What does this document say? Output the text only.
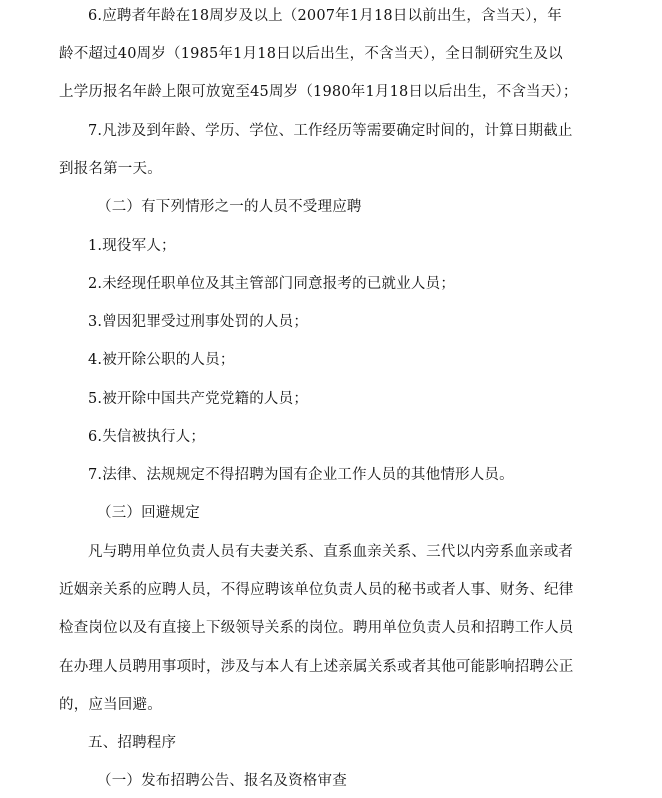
6.应聘者年龄在18周岁及以上（2007年1月18日以前出生，含当天），年
龄不超过40周岁（1985年1月18日以后出生，不含当天），全日制研究生及以
上学历报名年龄上限可放宽至45周岁（1980年1月18日以后出生，不含当天）；
7.凡涉及到年龄、学历、学位、工作经历等需要确定时间的，计算日期截止
到报名第一天。
（二）有下列情形之一的人员不受理应聘
1.现役军人；
2.未经现任职单位及其主管部门同意报考的已就业人员；
3.曾因犯罪受过刑事处罚的人员；
4.被开除公职的人员；
5.被开除中国共产党党籍的人员；
6.失信被执行人；
7.法律、法规规定不得招聘为国有企业工作人员的其他情形人员。
（三）回避规定
凡与聘用单位负责人员有夫妻关系、直系血亲关系、三代以内旁系血亲或者
近姻亲关系的应聘人员，不得应聘该单位负责人员的秘书或者人事、财务、纪律
检查岗位以及有直接上下级领导关系的岗位。聘用单位负责人员和招聘工作人员
在办理人员聘用事项时，涉及与本人有上述亲属关系或者其他可能影响招聘公正
的，应当回避。
五、招聘程序
（一）发布招聘公告、报名及资格审查
